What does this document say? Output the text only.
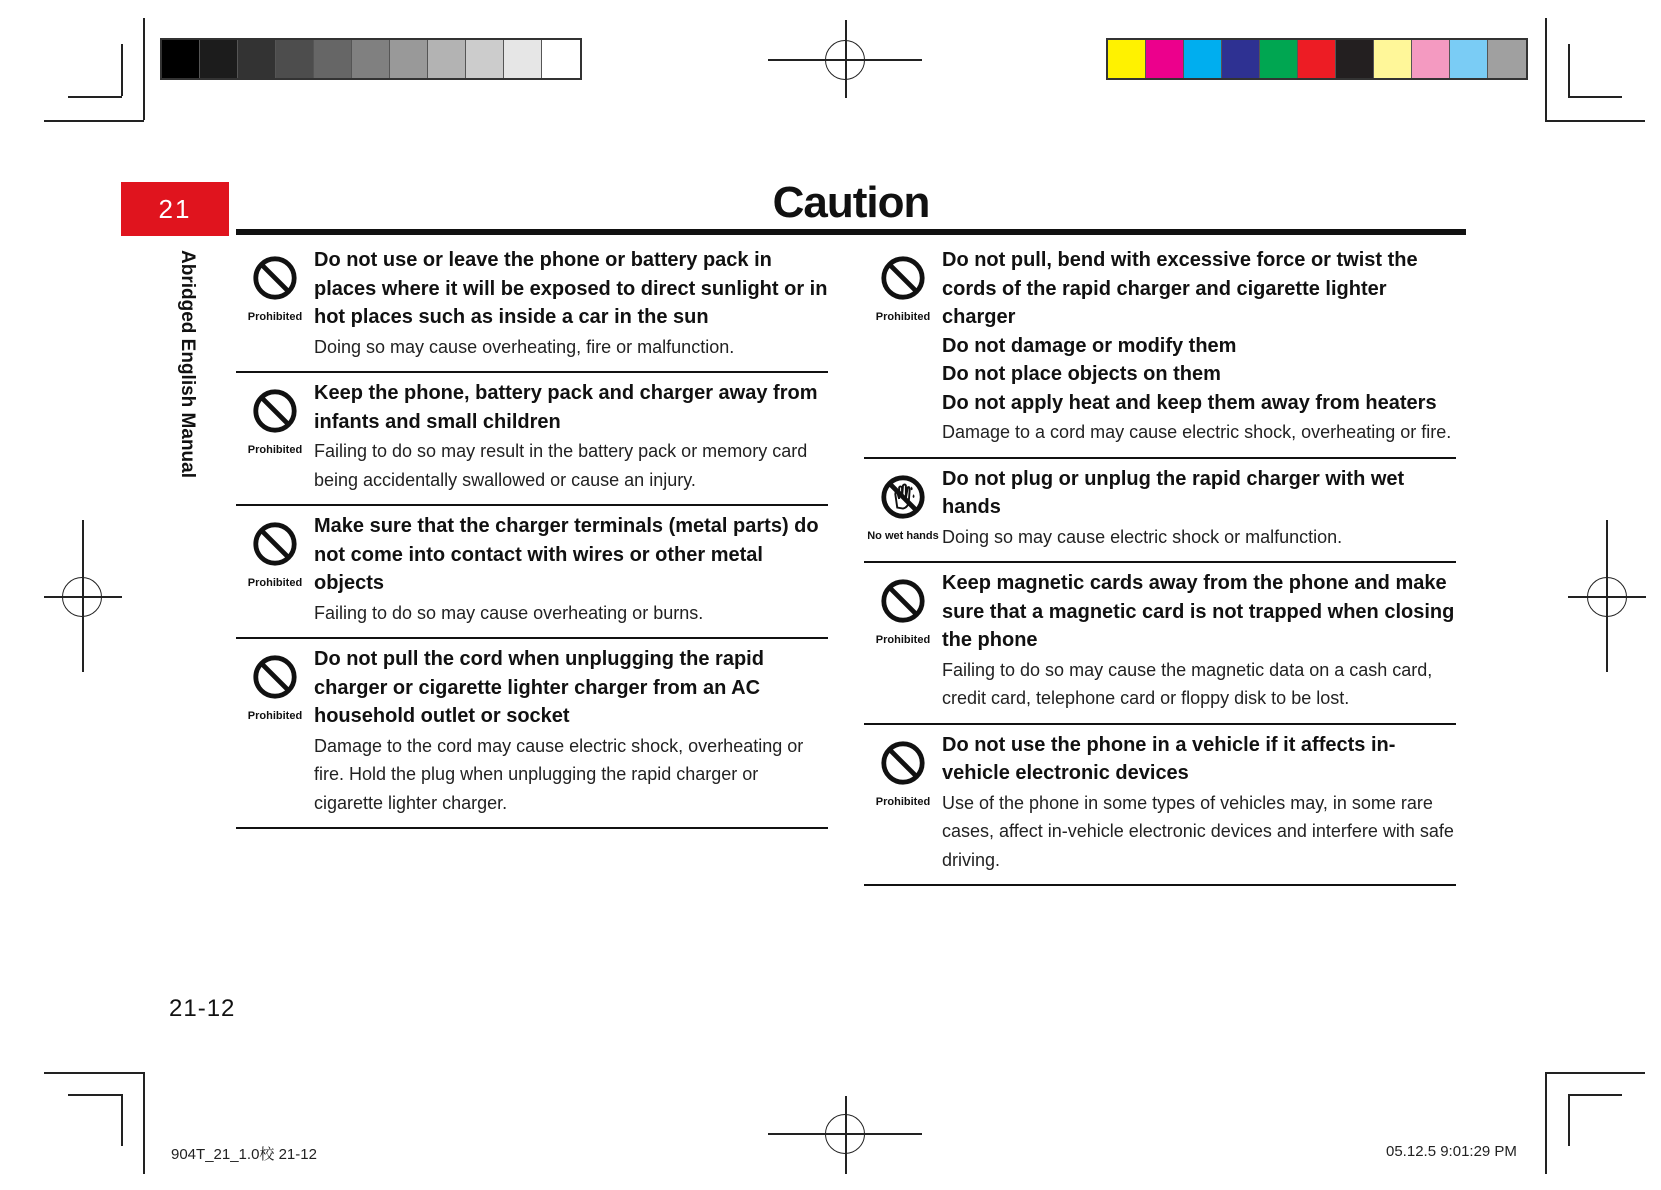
21	Caution
Abridged English Manual	Prohibited

Do not use or leave the phone or battery pack in places where it will be exposed to direct sunlight or in hot places such as inside a car in the sun

Doing so may cause overheating, fire or malfunction.
Prohibited

Keep the phone, battery pack and charger away from infants and small children

Failing to do so may result in the battery pack or memory card being accidentally swallowed or cause an injury.
Prohibited

Make sure that the charger terminals (metal parts) do not come into contact with wires or other metal objects

Failing to do so may cause overheating or burns.
Prohibited

Do not pull the cord when unplugging the rapid charger or cigarette lighter charger from an AC household outlet or socket

Damage to the cord may cause electric shock, overheating or fire. Hold the plug when unplugging the rapid charger or cigarette lighter charger.
Prohibited

Do not pull, bend with excessive force or twist the cords of the rapid charger and cigarette lighter charger

Do not damage or modify them

Do not place objects on them

Do not apply heat and keep them away from heaters

Damage to a cord may cause electric shock, overheating or fire.
No wet hands

Do not plug or unplug the rapid charger with wet hands

Doing so may cause electric shock or malfunction.
Prohibited

Keep magnetic cards away from the phone and make sure that a magnetic card is not trapped when closing the phone

Failing to do so may cause the magnetic data on a cash card, credit card, telephone card or floppy disk to be lost.
Prohibited

Do not use the phone in a vehicle if it affects in-vehicle electronic devices

Use of the phone in some types of vehicles may, in some rare cases, affect in-vehicle electronic devices and interfere with safe driving.
21-12
904T_21_1.0校 21-12	05.12.5 9:01:29 PM
